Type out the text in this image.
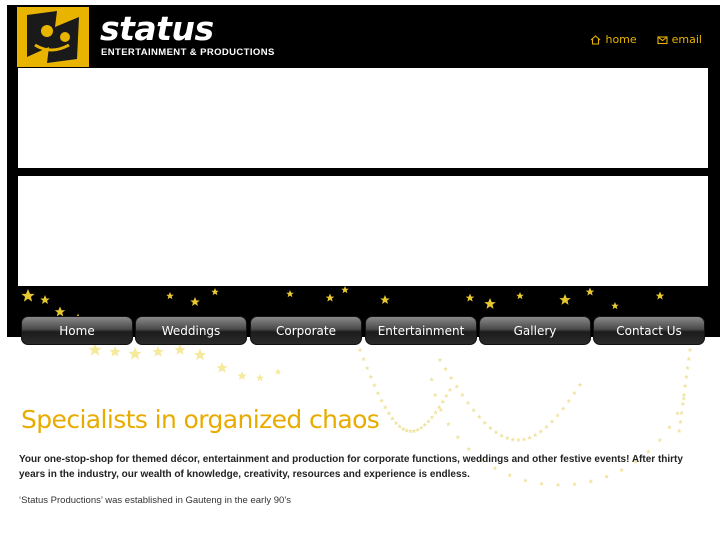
status
ENTERTAINMENT & PRODUCTIONS
home	email
Home	Weddings	Corporate	Entertainment	Gallery	Contact Us
Specialists in organized chaos
Your one-stop-shop for themed décor, entertainment and production for corporate functions, weddings and other festive events! After thirty years in the industry, our wealth of knowledge, creativity, resources and experience is endless.
‘Status Productions’ was established in Gauteng in the early 90’s
